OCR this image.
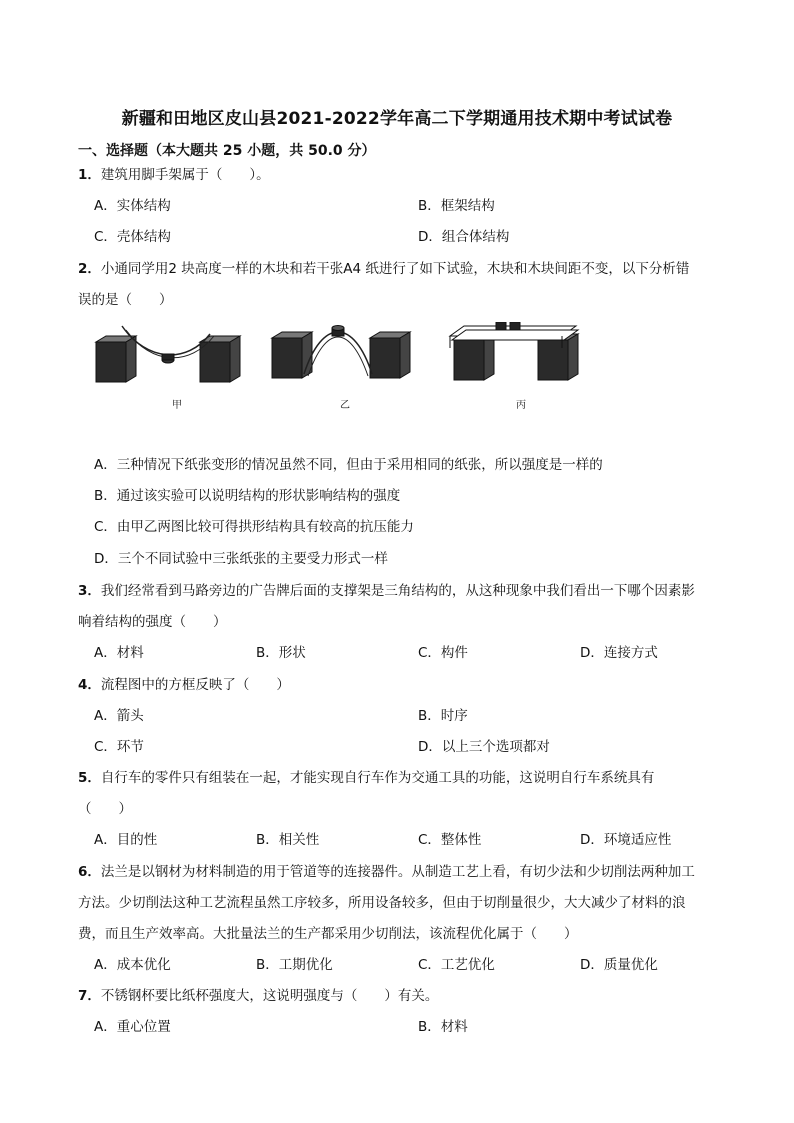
新疆和田地区皮山县2021-2022学年高二下学期通用技术期中考试试卷
一、选择题（本大题共 25 小题，共 50.0 分）
1．建筑用脚手架属于（　　）。
A．实体结构	B．框架结构
C．壳体结构	D．组合体结构
2．小通同学用2 块高度一样的木块和若干张A4 纸进行了如下试验，木块和木块间距不变，以下分析错
误的是（　　）
甲	乙	丙
A．三种情况下纸张变形的情况虽然不同，但由于采用相同的纸张，所以强度是一样的
B．通过该实验可以说明结构的形状影响结构的强度
C．由甲乙两图比较可得拱形结构具有较高的抗压能力
D．三个不同试验中三张纸张的主要受力形式一样
3．我们经常看到马路旁边的广告牌后面的支撑架是三角结构的，从这种现象中我们看出一下哪个因素影
响着结构的强度（　　）
A．材料	B．形状	C．构件	D．连接方式
4．流程图中的方框反映了（　　）
A．箭头	B．时序
C．环节	D．以上三个选项都对
5．自行车的零件只有组装在一起，才能实现自行车作为交通工具的功能，这说明自行车系统具有
（　　）
A．目的性	B．相关性	C．整体性	D．环境适应性
6．法兰是以钢材为材料制造的用于管道等的连接器件。从制造工艺上看，有切少法和少切削法两种加工
方法。少切削法这种工艺流程虽然工序较多，所用设备较多，但由于切削量很少，大大减少了材料的浪
费，而且生产效率高。大批量法兰的生产都采用少切削法，该流程优化属于（　　）
A．成本优化	B．工期优化	C．工艺优化	D．质量优化
7．不锈钢杯要比纸杯强度大，这说明强度与（　　）有关。
A．重心位置	B．材料
